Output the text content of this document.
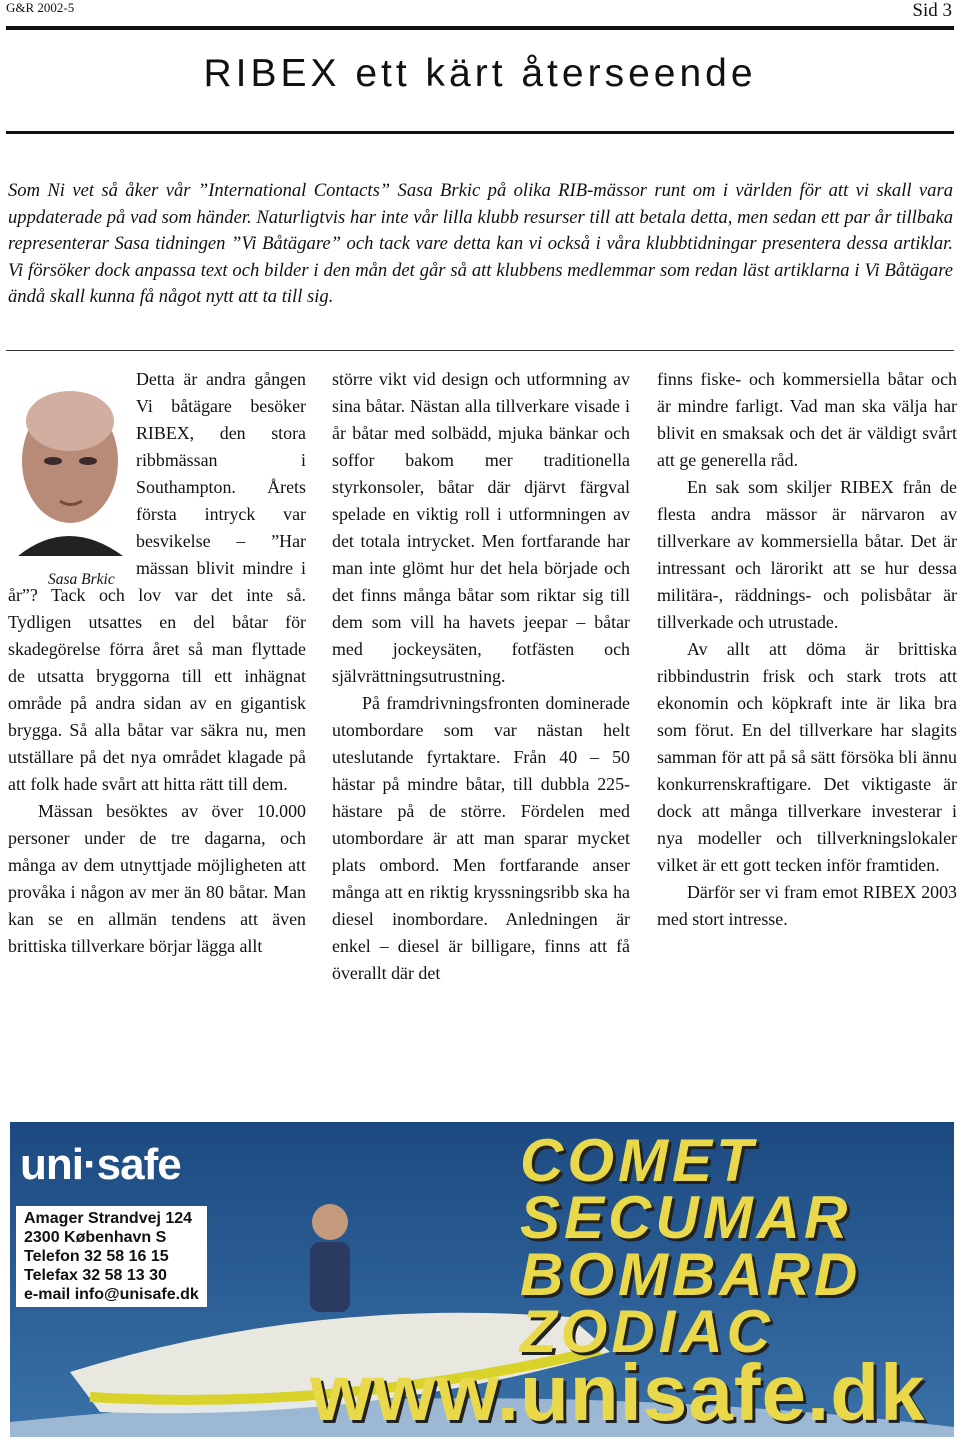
G&R 2002-5	Sid 3
RIBEX ett kärt återseende
Som Ni vet så åker vår ”International Contacts” Sasa Brkic på olika RIB-mässor runt om i världen för att vi skall vara uppdaterade på vad som händer. Naturligtvis har inte vår lilla klubb resurser till att betala detta, men sedan ett par år tillbaka representerar Sasa tidningen ”Vi Båtägare” och tack vare detta kan vi också i våra klubbtidningar presentera dessa artiklar. Vi försöker dock anpassa text och bilder i den mån det går så att klubbens medlemmar som redan läst artiklarna i Vi Båtägare ändå skall kunna få något nytt att ta till sig.
Sasa Brkic

Detta är andra gången Vi båtägare besöker RIBEX, den stora ribbmässan i Southampton. Årets första intryck var besvikelse – ”Har mässan blivit mindre i år”? Tack och lov var det inte så. Tydligen utsattes en del båtar för skadegörelse förra året så man flyttade de utsatta bryggorna till ett inhägnat område på andra sidan av en gigantisk brygga. Så alla båtar var säkra nu, men utställare på det nya området klagade på att folk hade svårt att hitta rätt till dem.

Mässan besöktes av över 10.000 personer under de tre dagarna, och många av dem utnyttjade möjligheten att provåka i någon av mer än 80 båtar. Man kan se en allmän tendens att även brittiska tillverkare börjar lägga allt

större vikt vid design och utformning av sina båtar. Nästan alla tillverkare visade i år båtar med solbädd, mjuka bänkar och soffor bakom mer traditionella styrkonsoler, båtar där djärvt färgval spelade en viktig roll i utformningen av det totala intrycket. Men fortfarande har man inte glömt hur det hela började och det finns många båtar som riktar sig till dem som vill ha havets jeepar – båtar med jockeysäten, fotfästen och självrättningsutrustning.

På framdrivningsfronten dominerade utombordare som var nästan helt uteslutande fyrtaktare. Från 40 – 50 hästar på mindre båtar, till dubbla 225-hästare på de större. Fördelen med utombordare är att man sparar mycket plats ombord. Men fortfarande anser många att en riktig kryssningsribb ska ha diesel inombordare. Anledningen är enkel – diesel är billigare, finns att få överallt där det

finns fiske- och kommersiella båtar och är mindre farligt. Vad man ska välja har blivit en smaksak och det är väldigt svårt att ge generella råd.

En sak som skiljer RIBEX från de flesta andra mässor är närvaron av tillverkare av kommersiella båtar. Det är intressant och lärorikt att se hur dessa militära-, räddnings- och polisbåtar är tillverkade och utrustade.

Av allt att döma är brittiska ribbindustrin frisk och stark trots att ekonomin och köpkraft inte är lika bra som förut. En del tillverkare har slagits samman för att på så sätt försöka bli ännu konkurrenskraftigare. Det viktigaste är dock att många tillverkare investerar i nya modeller och tillverkningslokaler vilket är ett gott tecken inför framtiden.

Därför ser vi fram emot RIBEX 2003 med stort intresse.

uni·safe	COMET
SECUMAR
BOMBARD
ZODIAC
Amager Strandvej 124
2300 København S
Telefon 32 58 16 15
Telefax 32 58 13 30
e-mail info@unisafe.dk
www.unisafe.dk
